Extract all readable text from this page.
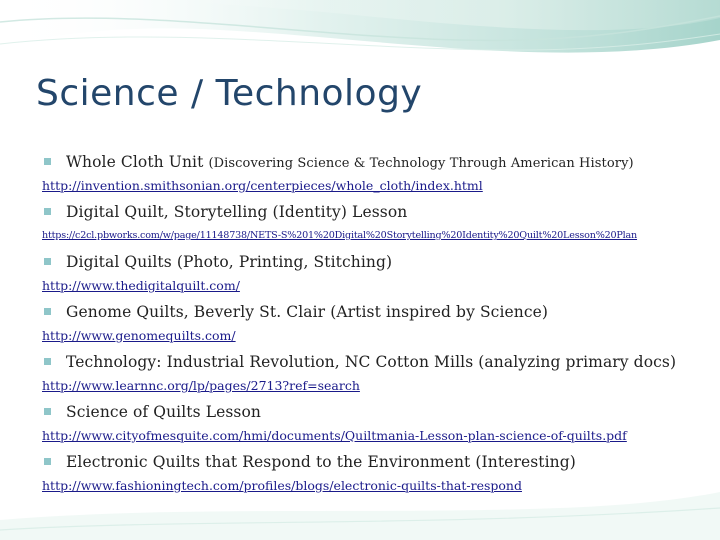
Science / Technology
Whole Cloth Unit (Discovering Science & Technology Through American History)
http://invention.smithsonian.org/centerpieces/whole_cloth/index.html
Digital Quilt, Storytelling (Identity) Lesson
https://c2cl.pbworks.com/w/page/11148738/NETS-S%201%20Digital%20Storytelling%20Identity%20Quilt%20Lesson%20Plan
Digital Quilts (Photo, Printing, Stitching)
http://www.thedigitalquilt.com/
Genome Quilts, Beverly St. Clair (Artist inspired by Science)
http://www.genomequilts.com/
Technology: Industrial Revolution, NC Cotton Mills (analyzing primary docs)
http://www.learnnc.org/lp/pages/2713?ref=search
Science of Quilts Lesson
http://www.cityofmesquite.com/hmi/documents/Quiltmania-Lesson-plan-science-of-quilts.pdf
Electronic Quilts that Respond to the Environment (Interesting)
http://www.fashioningtech.com/profiles/blogs/electronic-quilts-that-respond
